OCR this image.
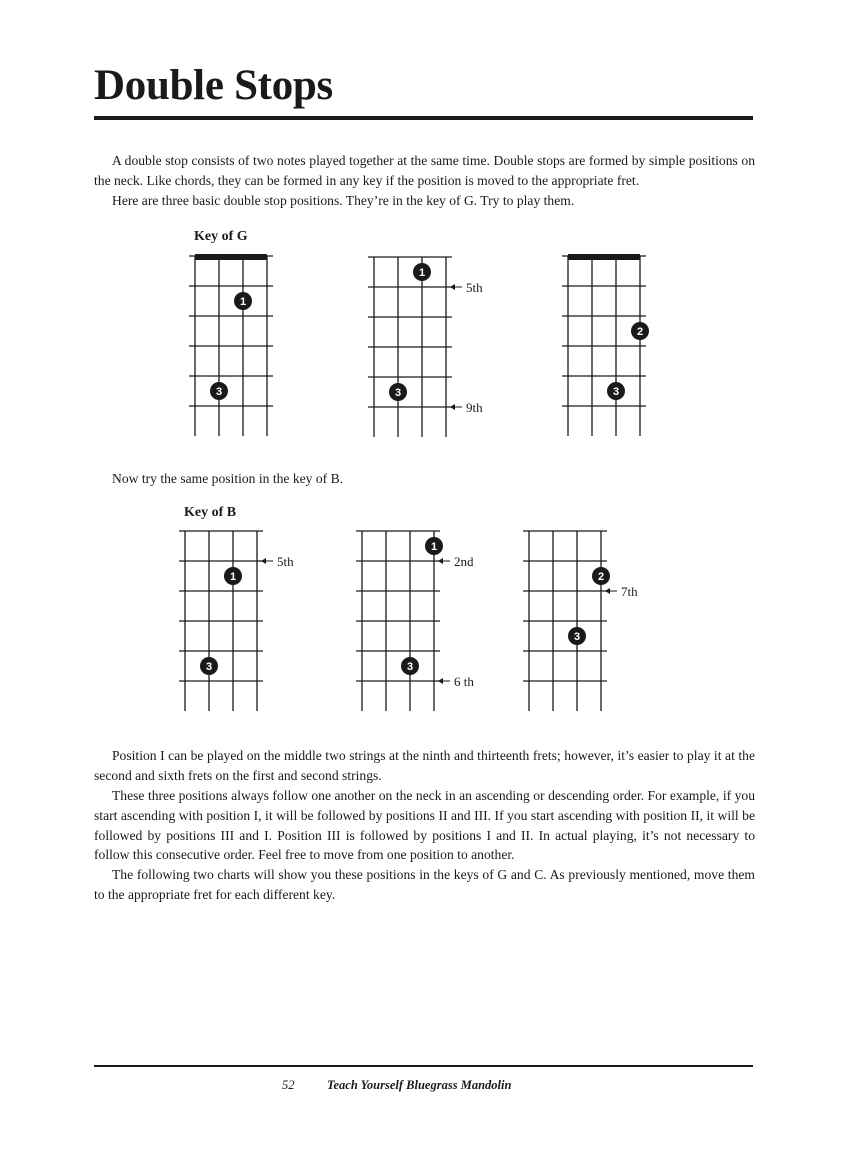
Double Stops

A double stop consists of two notes played together at the same time. Double stops are formed by simple positions on the neck. Like chords, they can be formed in any key if the position is moved to the appropriate fret.

Here are three basic double stop positions. They’re in the key of G. Try to play them.

Key of G

Now try the same position in the key of B.

Key of B
1
3
1
3
5th
9th
2
3
1
3
5th
1
3
2nd
6 th
2
3
7th

Position I can be played on the middle two strings at the ninth and thirteenth frets; however, it’s easier to play it at the second and sixth frets on the first and second strings.

These three positions always follow one another on the neck in an ascending or descending order. For example, if you start ascending with position I, it will be followed by positions II and III. If you start ascending with position II, it will be followed by positions III and I. Position III is followed by positions I and II. In actual playing, it’s not necessary to follow this consecutive order. Feel free to move from one position to another.

The following two charts will show you these positions in the keys of G and C. As previously mentioned, move them to the appropriate fret for each different key.

52	Teach Yourself Bluegrass Mandolin
